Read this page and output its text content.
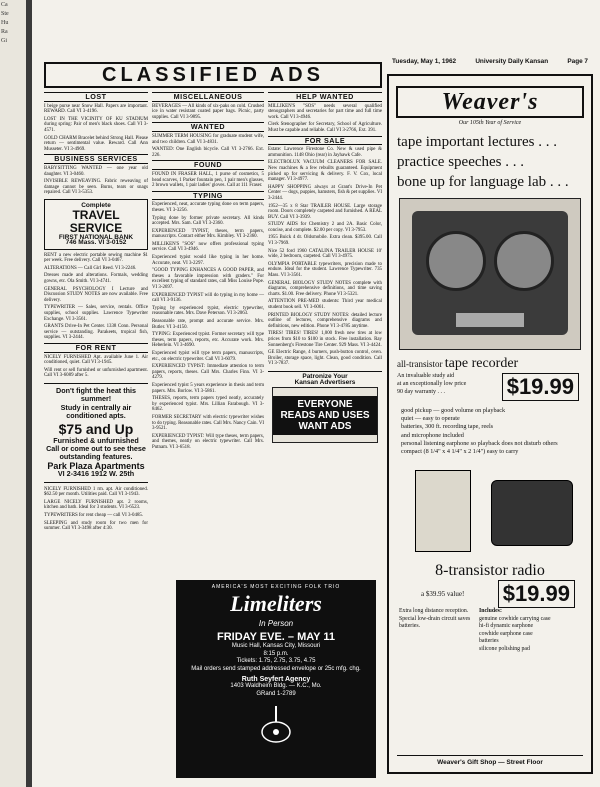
Ca
Ste
Hu
Ra
Gi
Tuesday, May 1, 1962	University Daily Kansan	Page 7
CLASSIFIED ADS
LOST
I beige purse near Snow Hall. Papers are important. REWARD. Call VI 3-4196.
LOST IN THE VICINITY OF KU STADIUM during spring: Pair of men's black shoes. Call VI 3-4571.
GOLD CHARM Bracelet behind Strong Hall. Please return — sentimental value. Reward. Call Ann Musseter. VI 3-4969.
BUSINESS SERVICES
BABYSITTING WANTED — one year old daughter. VI 3-0460.
INVISIBLE REWEAVING. Fabric reweaving of damage cannot be seen. Burns, tears or snags repaired. Call VI 3-5353.
Complete
TRAVEL SERVICE
FIRST NATIONAL BANK
746 Mass. VI 3-0152
RENT a new electric portable sewing machine $1 per week. Free delivery. Call VI 3-0467.
ALTERATIONS — Call Girl Reed. VI 3-2246.
Dresses made and alterations. Formals, wedding gowns, etc. Ola Smith. VI 3-4741.
GENERAL PSYCHOLOGY I Lecture and Discussion STUDY NOTES are now available. Free delivery.
TYPEWRITER — Sales, service, rentals. Office supplies, school supplies. Lawrence Typewriter Exchange. VI 3-3561.
GRANTS Drive-In Pet Center. 1338 Conn. Personal service — outstanding. Parakeets, tropical fish, supplies. VI 3-2444.
FOR RENT
NICELY FURNISHED Apt. available June 1. Air conditioned, quiet. Call VI 3-1945.
Will rent or sell furnished or unfurnished apartment. Call VI 3-6089 after 5.
Don't fight the heat this summer!
Study in centrally air conditioned apts.
$75 and Up
Furnished & unfurnished
Call or come out to see these outstanding features.
Park Plaza Apartments
VI 2-3416 1912 W. 25th
NICELY FURNISHED 1 rm. apt. Air conditioned. $62.50 per month. Utilities paid. Call VI 3-1943.
LARGE NICELY FURNISHED apt. 2 rooms, kitchen and bath. Ideal for 3 students. VI 3-6523.
TYPEWRITERS for rent cheap — call VI 3-0485.
SLEEPING and study room for two men for summer. Call VI 3-3498 after 4:30.
MISCELLANEOUS
BEVERAGES — All kinds of six-paks on cold. Crushed ice in water resistant coated paper bags. Picnic, party supplies. Call VI 3-9895.
WANTED
SUMMER TERM HOUSING for graduate student wife, and two children. Call VI 3-4831.
WANTED: One English bicycle. Call VI 3-2766. Ext. 226.
FOUND
FOUND IN FRASER HALL, 1 purse of cosmetics, 5 head scarves, 1 Parker fountain pen, 1 pair men's glasses, 2 brown wallets, 1 pair ladies' gloves. Call at 111 Fraser.
TYPING
Experienced, neat, accurate typing done on term papers, theses. VI 3-3256.
Typing done by former private secretary. All kinds accepted. Mrs. Sam. Call VI 3-2360.
EXPERIENCED TYPIST, theses, term papers, manuscripts. Contact either Mrs. Kimbley. VI 3-2360.
MILLIKEN'S "SOS" now offers professional typing service. Call VI 3-4946.
Experienced typist would like typing in her home. Accurate, neat. VI 3-2297.
"GOOD TYPING ENHANCES A GOOD PAPER, and theses a favorable impression with graders." For excellent typing of standard rates, call Miss Louise Pope. VI 3-2697.
EXPERIENCED TYPIST will do typing in my home — call VI 3-9136.
Typing by experienced typist, electric typewriter, reasonable rates. Mrs. Dave Peterson. VI 3-2063.
Reasonable rate, prompt and accurate service. Mrs. Butler. VI 3-4150.
TYPING: Experienced typist. Former secretary will type theses, term papers, reports, etc. Accurate work. Mrs. Heberlein. VI 3-4690.
Experienced typist will type term papers, manuscripts, etc., on electric typewriter. Call VI 3-6079.
EXPERIENCED TYPIST: Immediate attention to term papers, reports, theses. Call Mrs. Charles Finn. VI 3-4279.
Experienced typist 5 years experience in thesis and term papers. Mrs. Borlow. VI 3-5861.
THESES, reports, term papers typed neatly, accurately by experienced typist. Mrs. Lillian Farabough. VI 3-8462.
FORMER SECRETARY with electric typewriter wishes to do typing. Reasonable rates. Call Mrs. Nancy Cain. VI 3-9521.
EXPERIENCED TYPIST: Will type theses, term papers, and themes, neatly on electric typewriter. Call Mrs. Putnam. VI 3-6518.
HELP WANTED
MILLIKEN'S "SOS" needs several qualified stenographers and secretaries for part time and full time work. Call VI 3-4946.
Clerk Stenographer for Secretary, School of Agriculture. Must be capable and reliable. Call VI 3-2766, Ext. 391.
FOR SALE
Estate: Lawrence Firestone Co. New & used pipe & ammunition. 1148 Ohio (rear) in Jayhawk Cafe.
ELECTROLUX VACUUM CLEANERS FOR SALE. New machines & a few rebuilts guaranteed. Equipment picked up for servicing & delivery. F. V. Cox, local manager. VI 3-4977.
HAPPY SHOPPING always at Grant's Drive-In Pet Center — dogs, puppies, hamsters, fish & pet supplies. VI 3-2444.
1952—35 x 8 Star TRAILER HOUSE. Large storage room. Doors completely carpeted and furnished. A REAL BUY. Call VI 3-3939.
STUDY AIDS for Chemistry 2 and 2A. Basic Color, concise, and complete. $2.00 per copy. VI 3-7953.
1955 Buick 4 dr. Oldsmobile. Extra clean. $395.00. Call VI 3-7969.
Nice 52 ford 1960 CATALINA TRAILER HOUSE 10' wide, 2 bedroom, carpeted. Call VI 3-4975.
OLYMPIA PORTABLE typewriters, precision made to endure. Ideal for the student. Lawrence Typewriter. 735 Mass. VI 3-3561.
GENERAL BIOLOGY STUDY NOTES complete with diagrams, comprehensive definitions, and time saving charts. $1.00. Free delivery. Phone VI 3-5321.
ATTENTION PRE-MED students: Third year medical student book sell. VI 3-6061.
PRINTED BIOLOGY STUDY NOTES: detailed lecture outline of lectures, comprehensive diagrams and definitions, new edition. Phone VI 3-4785 anytime.
TIRES! TIRES! TIRES! 1,000 fresh new tires at low prices from $10 to $100 in stock. Free installation. Ray Sonnenberg's Firestone Tire Center. 929 Mass. VI 3-4424.
GE Electric Range, 4 burners, push-button control, oven. Broiler, storage space, light. Clean, good condition. Call VI 3-7837.
Patronize Your
Kansan Advertisers
EVERYONE READS AND USES WANT ADS
AMERICA'S MOST EXCITING FOLK TRIO
Limeliters
In Person
FRIDAY EVE. – MAY 11
Music Hall, Kansas City, Missouri
8:15 p.m.
Tickets: 1.75, 2.75, 3.75, 4.75
Mail orders send stamped addressed envelope or 25c mfg. chg.
Ruth Seyfert Agency
1403 Waldheim Bldg. — K.C., Mo.
GRand 1-2789
Weaver's
Our 105th Year of Service
tape important lectures . . .
practice speeches . . .
bone up for language lab . . .
all-transistor tape recorder
An invaluable study aid
at an exceptionally low price
90 day warranty . . .	$19.99
good pickup — good volume on playback
quiet — easy to operate
batteries, 300 ft. recording tape, reels
and microphone included
personal listening earphone so playback does not disturb others
compact (8 1/4" x 4 1/4" x 2 1/4") easy to carry
8-transistor radio
a $39.95 value! $19.99
Extra long distance reception. Special low-drain circuit saves batteries.
Includes:
genuine cowhide carrying case
hi-fi dynamic earphone
cowhide earphone case
batteries
silicone polishing pad
Weaver's Gift Shop — Street Floor
